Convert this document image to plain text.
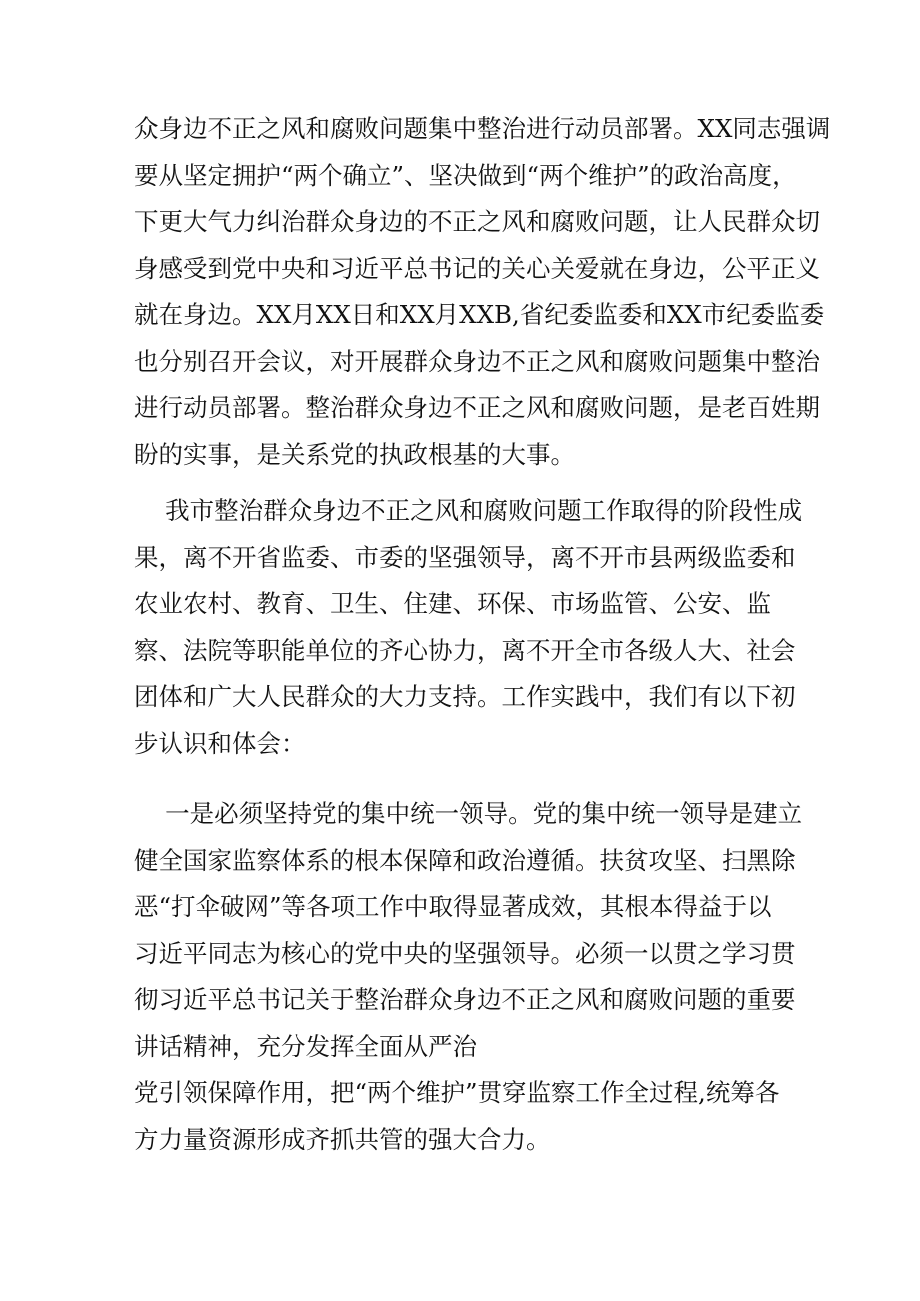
众身边不正之风和腐败问题集中整治进行动员部署。XX同志强调
要从坚定拥护“两个确立”、坚决做到“两个维护”的政治高度，
下更大气力纠治群众身边的不正之风和腐败问题，让人民群众切
身感受到党中央和习近平总书记的关心关爱就在身边，公平正义
就在身边。XX月XX日和XX月XXB,省纪委监委和XX市纪委监委
也分别召开会议，对开展群众身边不正之风和腐败问题集中整治
进行动员部署。整治群众身边不正之风和腐败问题，是老百姓期
盼的实事，是关系党的执政根基的大事。
我市整治群众身边不正之风和腐败问题工作取得的阶段性成
果，离不开省监委、市委的坚强领导，离不开市县两级监委和
农业农村、教育、卫生、住建、环保、市场监管、公安、监
察、法院等职能单位的齐心协力，离不开全市各级人大、社会
团体和广大人民群众的大力支持。工作实践中，我们有以下初
步认识和体会：
一是必须坚持党的集中统一领导。党的集中统一领导是建立
健全国家监察体系的根本保障和政治遵循。扶贫攻坚、扫黑除
恶“打伞破网”等各项工作中取得显著成效，其根本得益于以
习近平同志为核心的党中央的坚强领导。必须一以贯之学习贯
彻习近平总书记关于整治群众身边不正之风和腐败问题的重要
讲话精神，充分发挥全面从严治
党引领保障作用，把“两个维护”贯穿监察工作全过程,统筹各
方力量资源形成齐抓共管的强大合力。
